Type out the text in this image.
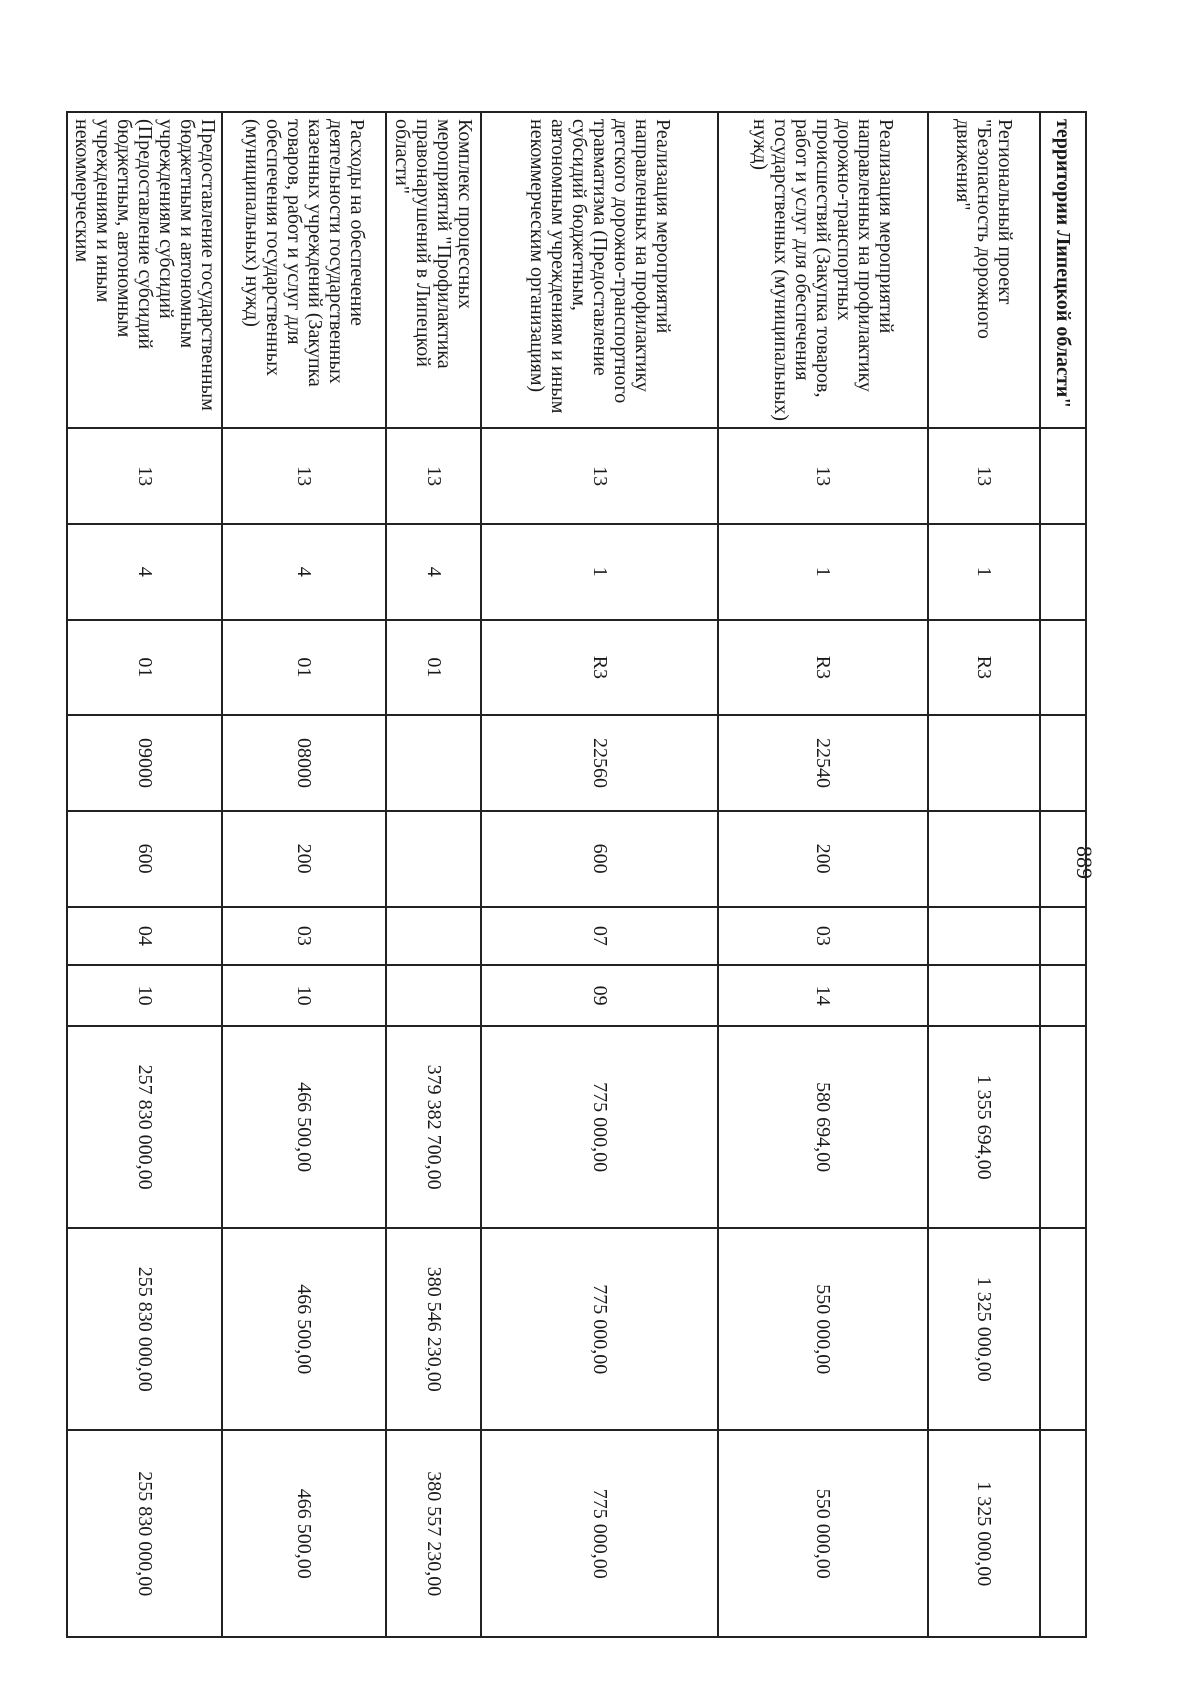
889
территории Липецкой области"										
Региональный проект "Безопасность дорожного движения"	13	1	R3					1 355 694,00	1 325 000,00	1 325 000,00
Реализация мероприятий направленных на профилактику дорожно-транспортных происшествий (Закупка товаров, работ и услуг для обеспечения государственных (муниципальных) нужд)	13	1	R3	22540	200	03	14	580 694,00	550 000,00	550 000,00
Реализация мероприятий направленных на профилактику детского дорожно-транспортного травматизма (Предоставление субсидий бюджетным, автономным учреждениям и иным некоммерческим организациям)	13	1	R3	22560	600	07	09	775 000,00	775 000,00	775 000,00
Комплекс процессных мероприятий "Профилактика правонарушений в Липецкой области"	13	4	01					379 382 700,00	380 546 230,00	380 557 230,00
Расходы на обеспечение деятельности государственных казенных учреждений (Закупка товаров, работ и услуг для обеспечения государственных (муниципальных) нужд)	13	4	01	08000	200	03	10	466 500,00	466 500,00	466 500,00
Предоставление государственным бюджетным и автономным учреждениям субсидий (Предоставление субсидий бюджетным, автономным учреждениям и иным некоммерческим	13	4	01	09000	600	04	10	257 830 000,00	255 830 000,00	255 830 000,00
